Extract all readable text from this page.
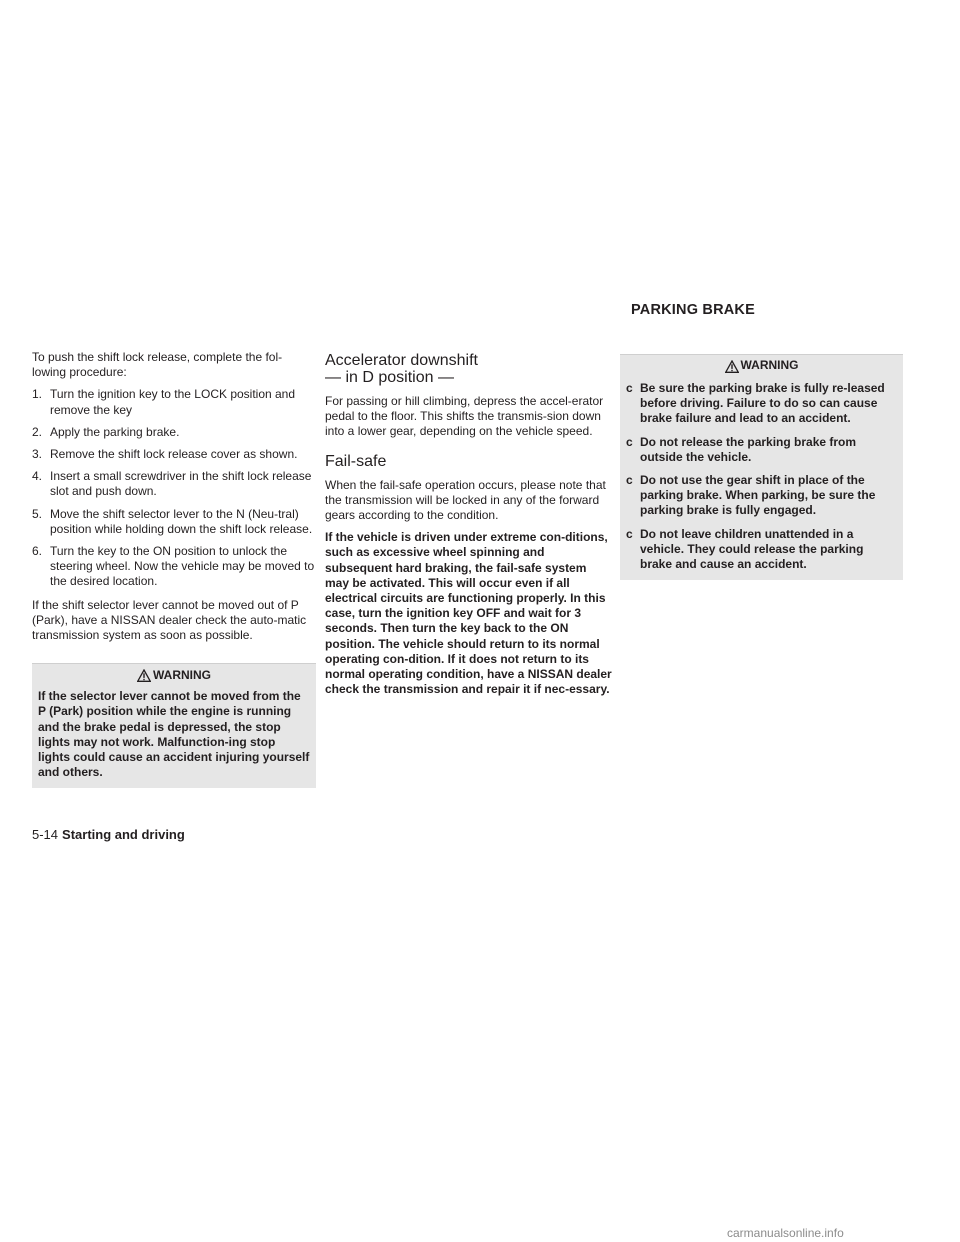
PARKING BRAKE

To push the shift lock release, complete the fol-lowing procedure:

1. Turn the ignition key to the LOCK position and remove the key
2. Apply the parking brake.
3. Remove the shift lock release cover as shown.
4. Insert a small screwdriver in the shift lock release slot and push down.
5. Move the shift selector lever to the N (Neu-tral) position while holding down the shift lock release.
6. Turn the key to the ON position to unlock the steering wheel. Now the vehicle may be moved to the desired location.

If the shift selector lever cannot be moved out of P (Park), have a NISSAN dealer check the auto-matic transmission system as soon as possible.

WARNING
If the selector lever cannot be moved from the P (Park) position while the engine is running and the brake pedal is depressed, the stop lights may not work. Malfunction-ing stop lights could cause an accident injuring yourself and others.
Accelerator downshift
— in D position —

For passing or hill climbing, depress the accel-erator pedal to the floor. This shifts the transmis-sion down into a lower gear, depending on the vehicle speed.

Fail-safe

When the fail-safe operation occurs, please note that the transmission will be locked in any of the forward gears according to the condition.

If the vehicle is driven under extreme con-ditions, such as excessive wheel spinning and subsequent hard braking, the fail-safe system may be activated. This will occur even if all electrical circuits are functioning properly. In this case, turn the ignition key OFF and wait for 3 seconds. Then turn the key back to the ON position. The vehicle should return to its normal operating con-dition. If it does not return to its normal operating condition, have a NISSAN dealer check the transmission and repair it if nec-essary.

WARNING
c Be sure the parking brake is fully re-leased before driving. Failure to do so can cause brake failure and lead to an accident.
c Do not release the parking brake from outside the vehicle.
c Do not use the gear shift in place of the parking brake. When parking, be sure the parking brake is fully engaged.
c Do not leave children unattended in a vehicle. They could release the parking brake and cause an accident.
5-14 Starting and driving
carmanualsonline.info
